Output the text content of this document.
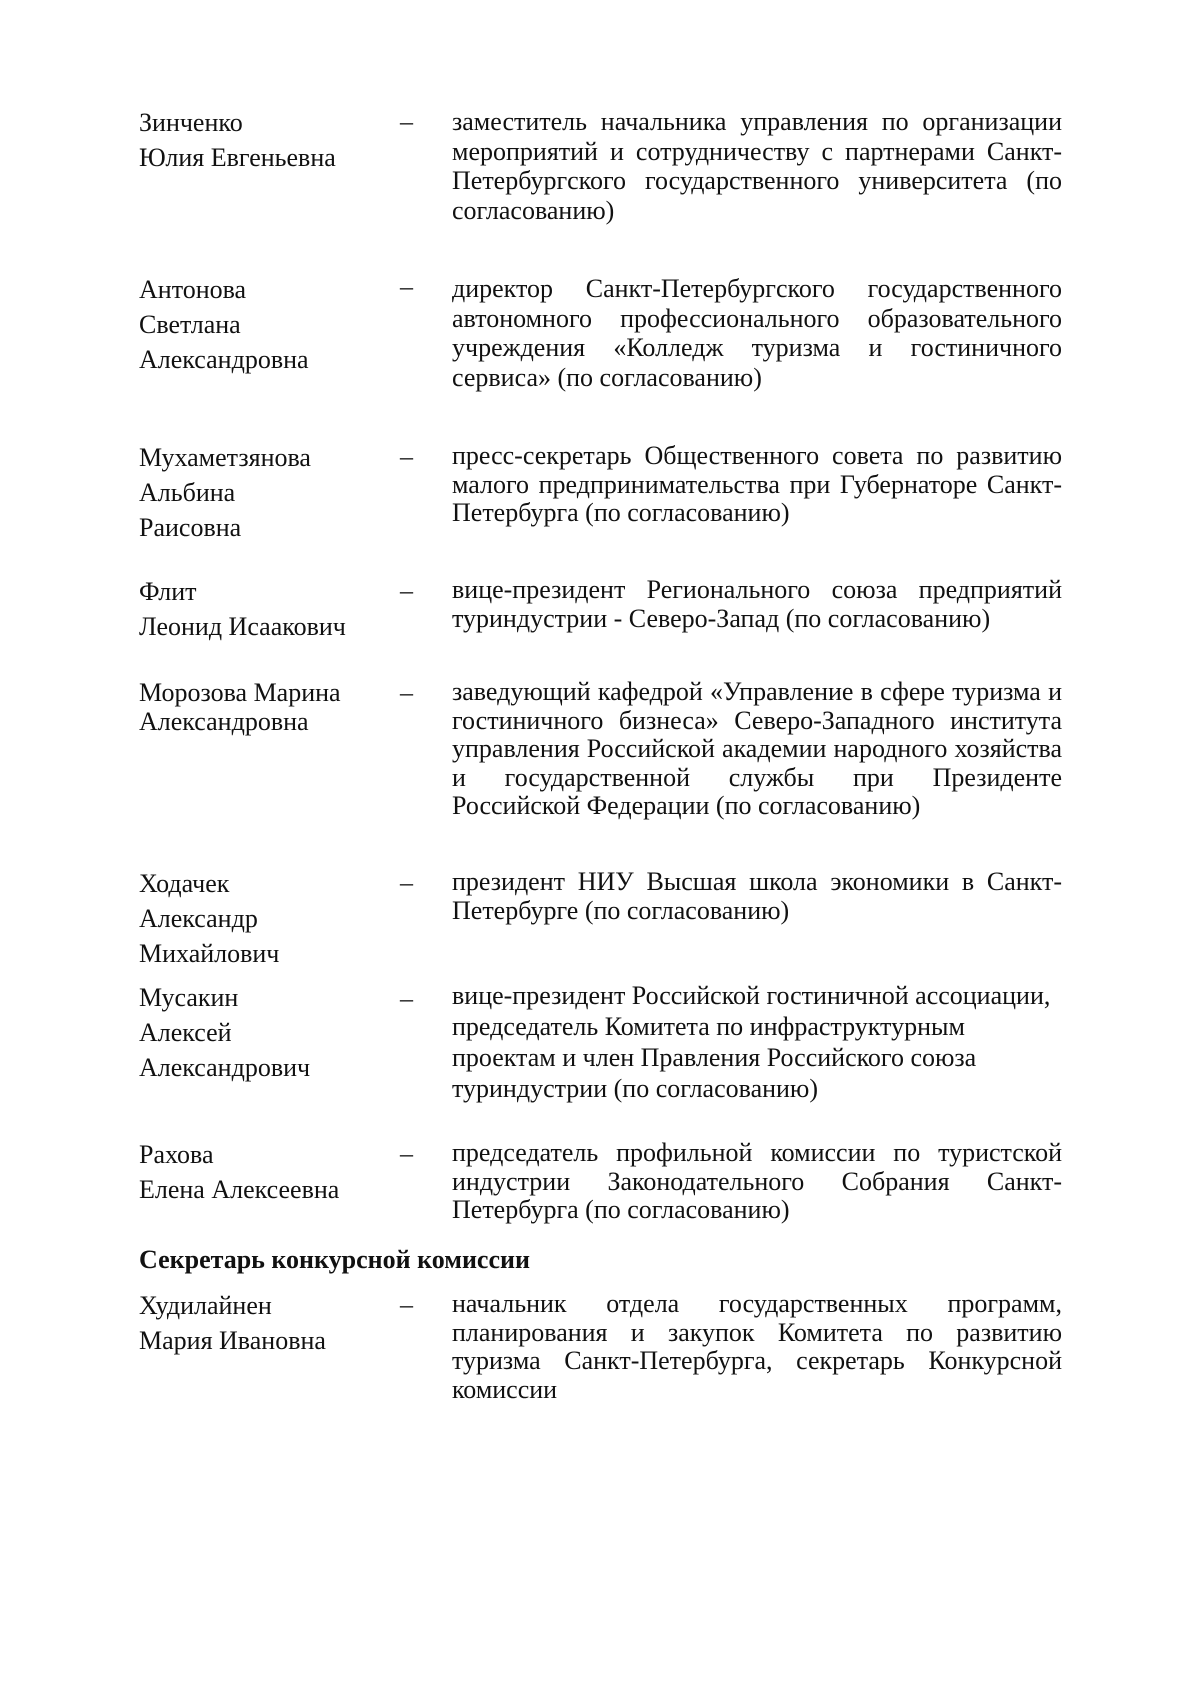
Зинченко
Юлия Евгеньевна
– заместитель начальника управления по организации мероприятий и сотрудничеству с партнерами Санкт-Петербургского государственного университета (по согласованию)
Антонова
Светлана
Александровна
– директор Санкт-Петербургского государственного автономного профессионального образовательного учреждения «Колледж туризма и гостиничного сервиса» (по согласованию)
Мухаметзянова
Альбина
Раисовна
– пресс-секретарь Общественного совета по развитию малого предпринимательства при Губернаторе Санкт-Петербурга (по согласованию)
Флит
Леонид Исаакович
– вице-президент Регионального союза предприятий туриндустрии - Северо-Запад (по согласованию)
Морозова Марина
Александровна
– заведующий кафедрой «Управление в сфере туризма и гостиничного бизнеса» Северо-Западного института управления Российской академии народного хозяйства и государственной службы при Президенте Российской Федерации (по согласованию)
Ходачек
Александр
Михайлович
– президент НИУ Высшая школа экономики в Санкт-Петербурге (по согласованию)
Мусакин
Алексей
Александрович
– вице-президент Российской гостиничной ассоциации, председатель Комитета по инфраструктурным проектам и член Правления Российского союза туриндустрии (по согласованию)
Рахова
Елена Алексеевна
– председатель профильной комиссии по туристской индустрии Законодательного Собрания Санкт-Петербурга (по согласованию)
Секретарь конкурсной комиссии
Худилайнен
Мария Ивановна
– начальник отдела государственных программ, планирования и закупок Комитета по развитию туризма Санкт-Петербурга, секретарь Конкурсной комиссии
